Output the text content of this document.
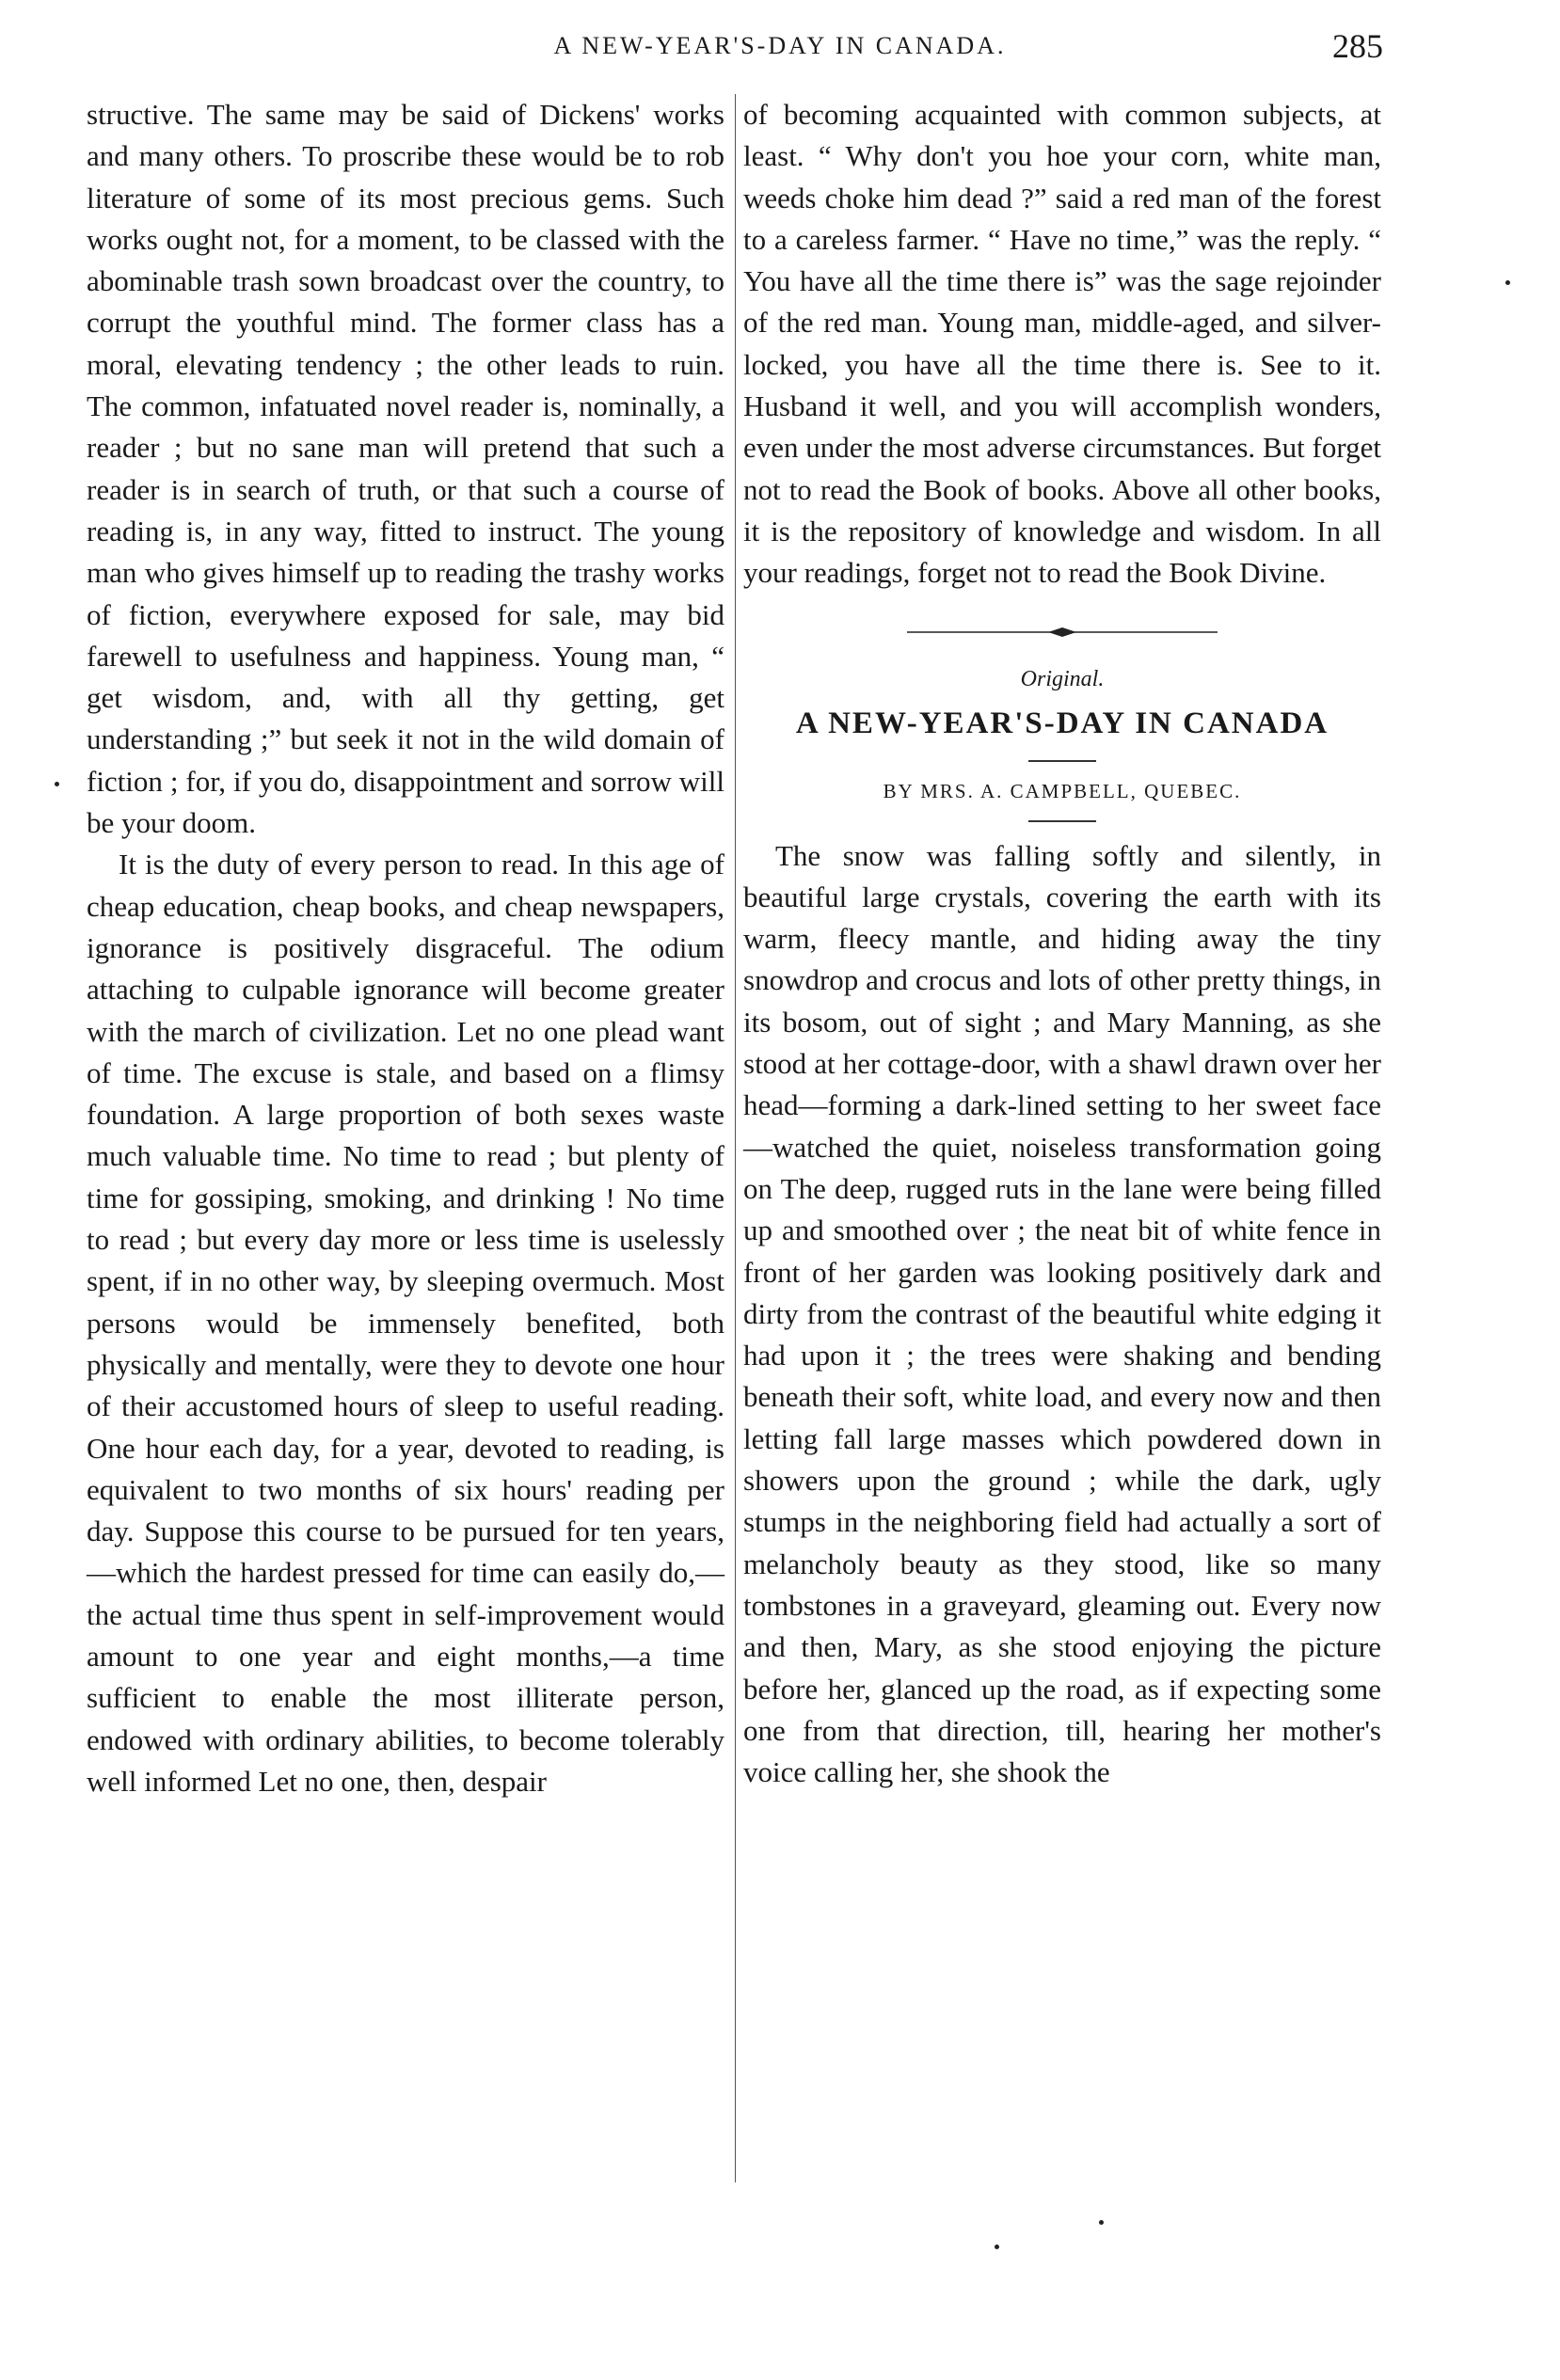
A NEW-YEAR'S-DAY IN CANADA.	285

structive. The same may be said of Dickens' works and many others. To proscribe these would be to rob literature of some of its most precious gems. Such works ought not, for a moment, to be classed with the abominable trash sown broadcast over the country, to corrupt the youthful mind. The former class has a moral, elevating tendency ; the other leads to ruin. The common, infatuated novel reader is, nominally, a reader ; but no sane man will pretend that such a reader is in search of truth, or that such a course of reading is, in any way, fitted to instruct. The young man who gives himself up to reading the trashy works of fiction, everywhere exposed for sale, may bid farewell to usefulness and happiness. Young man, “ get wisdom, and, with all thy getting, get understanding ;” but seek it not in the wild domain of fiction ; for, if you do, disappointment and sorrow will be your doom.

It is the duty of every person to read. In this age of cheap education, cheap books, and cheap newspapers, ignorance is positively disgraceful. The odium attaching to culpable ignorance will become greater with the march of civilization. Let no one plead want of time. The excuse is stale, and based on a flimsy foundation. A large proportion of both sexes waste much valuable time. No time to read ; but plenty of time for gossiping, smoking, and drinking ! No time to read ; but every day more or less time is uselessly spent, if in no other way, by sleeping overmuch. Most persons would be immensely benefited, both physically and mentally, were they to devote one hour of their accustomed hours of sleep to useful reading. One hour each day, for a year, devoted to reading, is equivalent to two months of six hours' reading per day. Suppose this course to be pursued for ten years,—which the hardest pressed for time can easily do,—the actual time thus spent in self-improvement would amount to one year and eight months,—a time sufficient to enable the most illiterate person, endowed with ordinary abilities, to become tolerably well informed Let no one, then, despair

of becoming acquainted with common subjects, at least. “ Why don't you hoe your corn, white man, weeds choke him dead ?” said a red man of the forest to a careless farmer. “ Have no time,” was the reply. “ You have all the time there is” was the sage rejoinder of the red man. Young man, middle-aged, and silver-locked, you have all the time there is. See to it. Husband it well, and you will accomplish wonders, even under the most adverse circumstances. But forget not to read the Book of books. Above all other books, it is the repository of knowledge and wisdom. In all your readings, forget not to read the Book Divine.

Original.

A NEW-YEAR'S-DAY IN CANADA

BY MRS. A. CAMPBELL, QUEBEC.

The snow was falling softly and silently, in beautiful large crystals, covering the earth with its warm, fleecy mantle, and hiding away the tiny snowdrop and crocus and lots of other pretty things, in its bosom, out of sight ; and Mary Manning, as she stood at her cottage-door, with a shawl drawn over her head—forming a dark-lined setting to her sweet face—watched the quiet, noiseless transformation going on The deep, rugged ruts in the lane were being filled up and smoothed over ; the neat bit of white fence in front of her garden was looking positively dark and dirty from the contrast of the beautiful white edging it had upon it ; the trees were shaking and bending beneath their soft, white load, and every now and then letting fall large masses which powdered down in showers upon the ground ; while the dark, ugly stumps in the neighboring field had actually a sort of melancholy beauty as they stood, like so many tombstones in a graveyard, gleaming out. Every now and then, Mary, as she stood enjoying the picture before her, glanced up the road, as if expecting some one from that direction, till, hearing her mother's voice calling her, she shook the
